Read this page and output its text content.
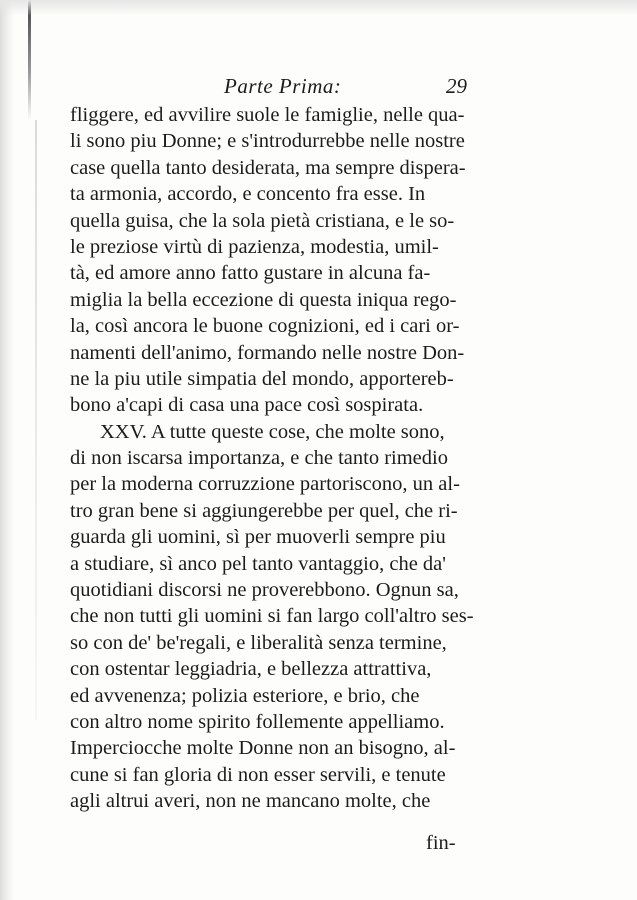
Parte Prima:	29
fliggere, ed avvilire suole le famiglie, nelle qua-
li sono piu Donne; e s'introdurrebbe nelle nostre
case quella tanto desiderata, ma sempre dispera-
ta armonia, accordo, e concento fra esse. In
quella guisa, che la sola pietà cristiana, e le so-
le preziose virtù di pazienza, modestia, umil-
tà, ed amore anno fatto gustare in alcuna fa-
miglia la bella eccezione di questa iniqua rego-
la, così ancora le buone cognizioni, ed i cari or-
namenti dell'animo, formando nelle nostre Don-
ne la piu utile simpatia del mondo, apportereb-
bono a'capi di casa una pace così sospirata.
XXV. A tutte queste cose, che molte sono,
di non iscarsa importanza, e che tanto rimedio
per la moderna corruzzione partoriscono, un al-
tro gran bene si aggiungerebbe per quel, che ri-
guarda gli uomini, sì per muoverli sempre piu
a studiare, sì anco pel tanto vantaggio, che da'
quotidiani discorsi ne proverebbono. Ognun sa,
che non tutti gli uomini si fan largo coll'altro ses-
so con de' be'regali, e liberalità senza termine,
con ostentar leggiadria, e bellezza attrattiva,
ed avvenenza; polizia esteriore, e brio, che
con altro nome spirito follemente appelliamo.
Imperciocche molte Donne non an bisogno, al-
cune si fan gloria di non esser servili, e tenute
agli altrui averi, non ne mancano molte, che
fin-
